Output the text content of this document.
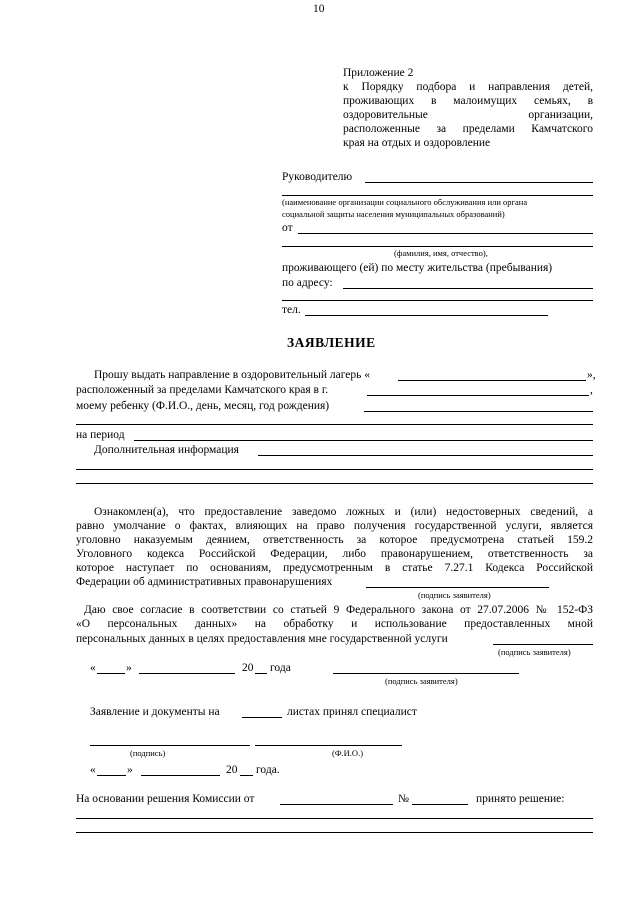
10
Приложение 2
к Порядку подбора и направления детей,
проживающих в малоимущих семьях, в
оздоровительные организации,
расположенные за пределами Камчатского
края на отдых и оздоровление
Руководителю
(наименование организации социального обслуживания или органа
социальной защиты населения муниципальных образований)
от
(фамилия, имя, отчество),
проживающего (ей) по месту жительства (пребывания)
по адресу:
тел.
ЗАЯВЛЕНИЕ
Прошу выдать направление в оздоровительный лагерь «	»,
расположенный за пределами Камчатского края в г.	,
моему ребенку (Ф.И.О., день, месяц, год рождения)
на период
Дополнительная информация
Ознакомлен(а), что предоставление заведомо ложных и (или) недостоверных сведений, а
равно умолчание о фактах, влияющих на право получения государственной услуги, является
уголовно наказуемым деянием, ответственность за которое предусмотрена статьей 159.2
Уголовного кодекса Российской Федерации, либо правонарушением, ответственность за
которое наступает по основаниям, предусмотренным в статье 7.27.1 Кодекса Российской
Федерации об административных правонарушениях
(подпись заявителя)
Даю свое согласие в соответствии со статьей 9 Федерального закона от 27.07.2006 № 152-ФЗ
«О персональных данных» на обработку и использование предоставленных мной
персональных данных в целях предоставления мне государственной услуги
(подпись заявителя)
«	»	20 года
(подпись заявителя)
Заявление и документы на	листах принял специалист
(подпись)	(Ф.И.О.)
«	»	20 года.
На основании решения Комиссии от	№	принято решение:
